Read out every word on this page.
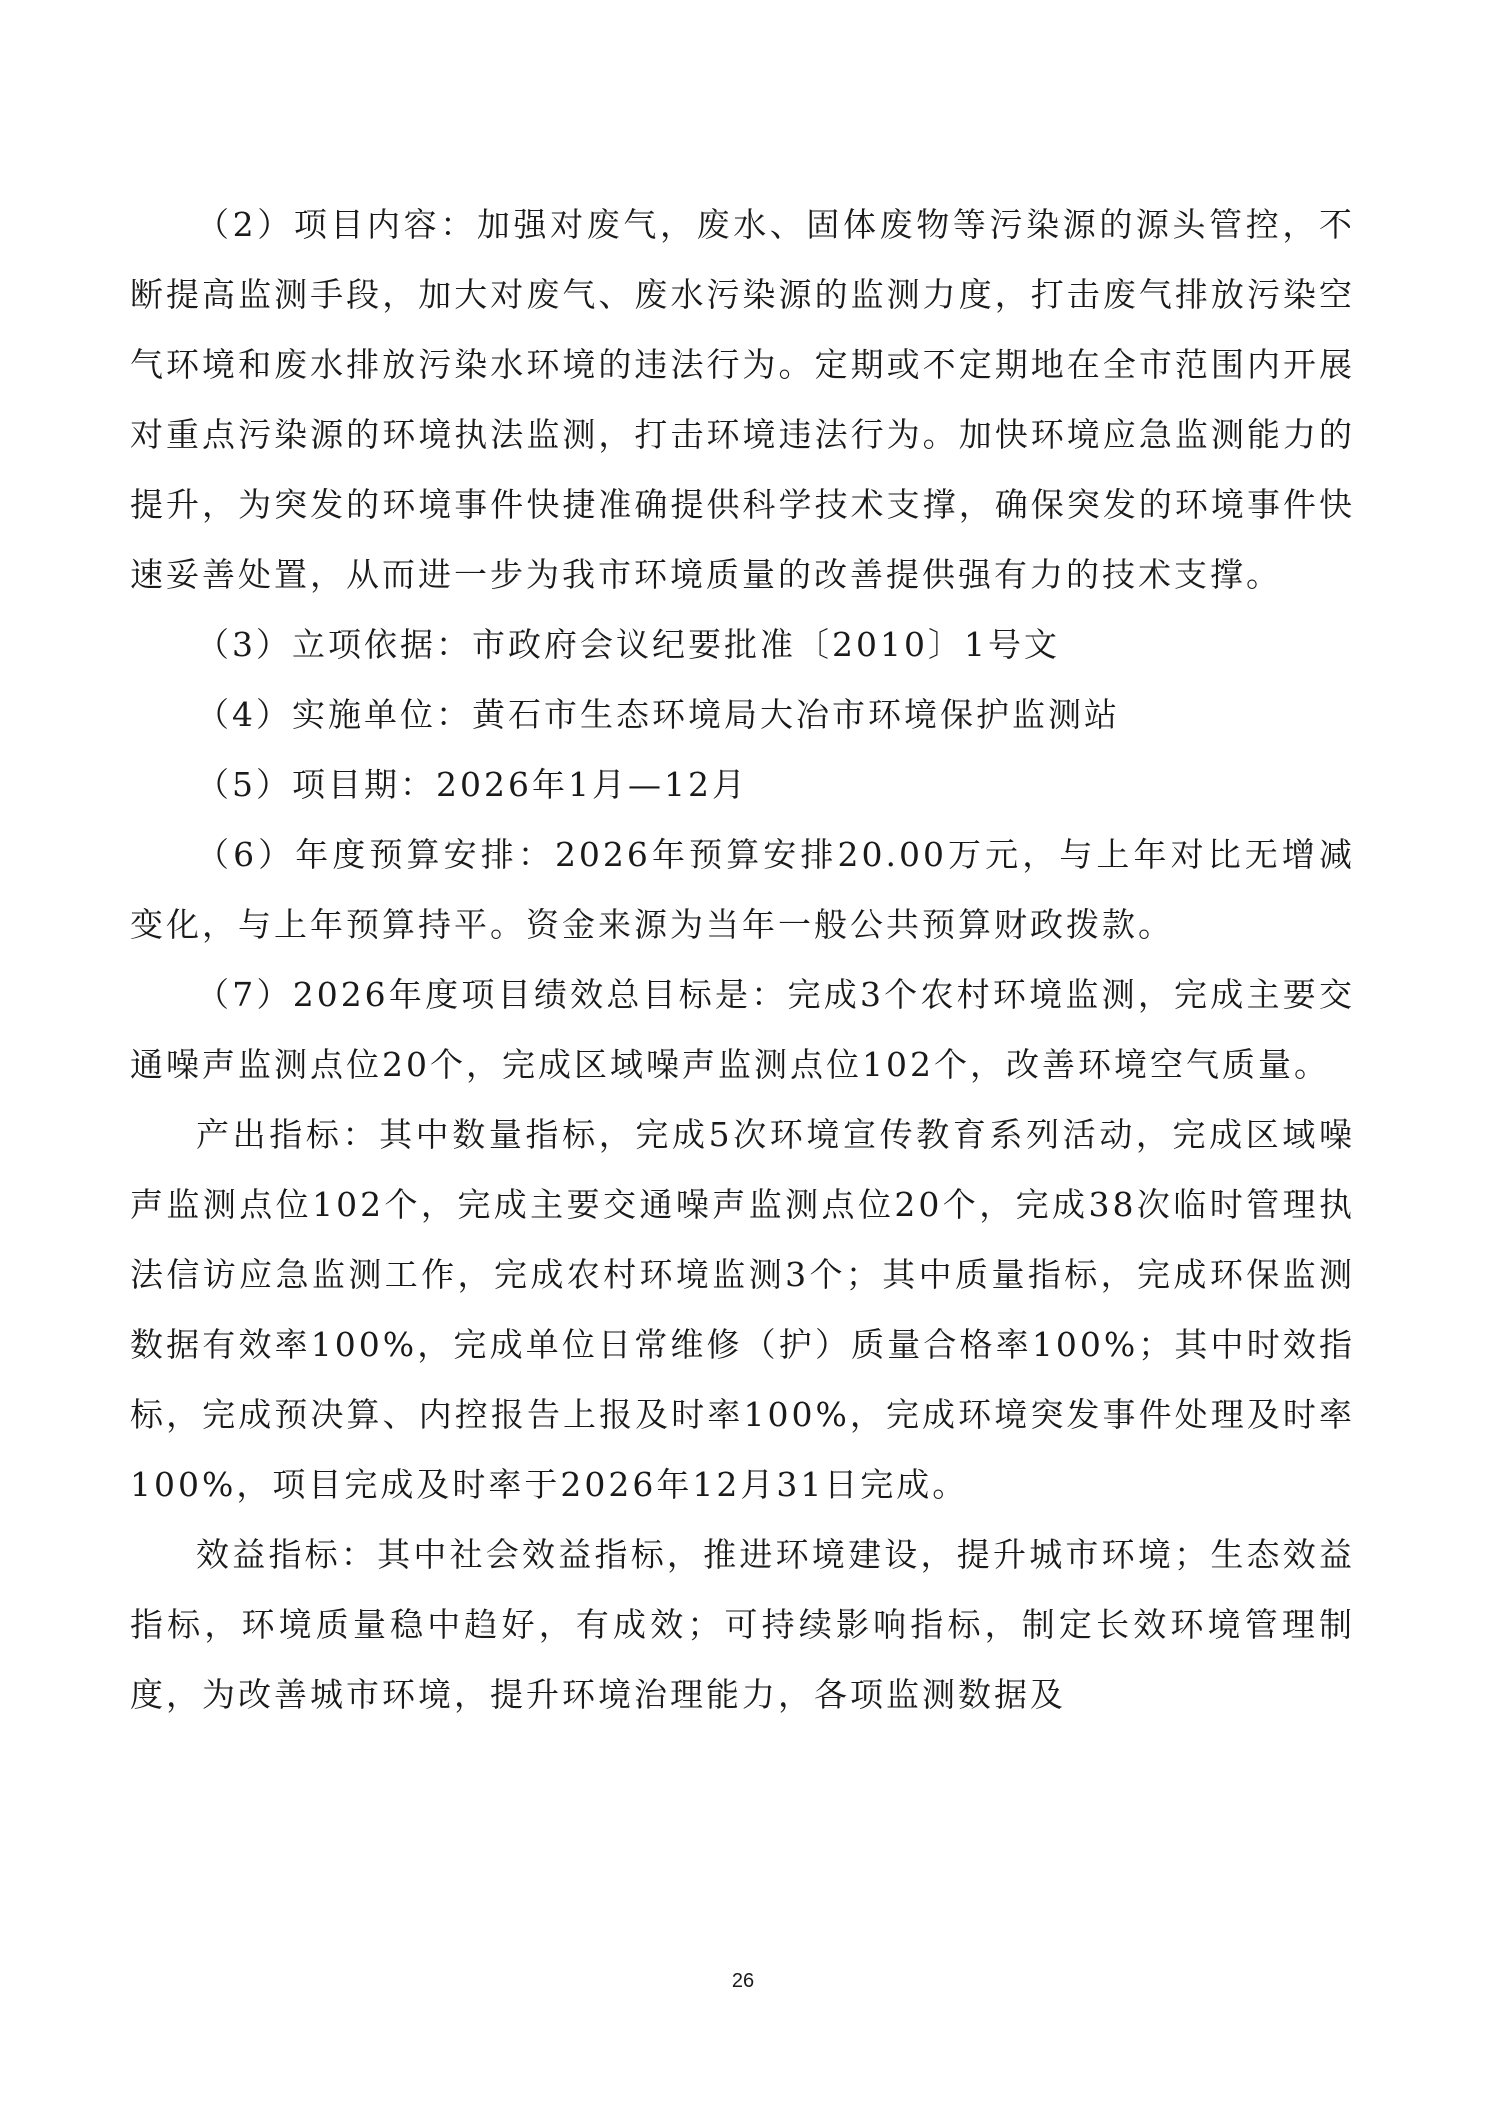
（2）项目内容：加强对废气，废水、固体废物等污染源的源头管控，不断提高监测手段，加大对废气、废水污染源的监测力度，打击废气排放污染空气环境和废水排放污染水环境的违法行为。定期或不定期地在全市范围内开展对重点污染源的环境执法监测，打击环境违法行为。加快环境应急监测能力的提升，为突发的环境事件快捷准确提供科学技术支撑，确保突发的环境事件快速妥善处置，从而进一步为我市环境质量的改善提供强有力的技术支撑。

（3）立项依据：市政府会议纪要批准〔2010〕1号文

（4）实施单位：黄石市生态环境局大冶市环境保护监测站

（5）项目期：2026年1月—12月

（6）年度预算安排：2026年预算安排20.00万元，与上年对比无增减变化，与上年预算持平。资金来源为当年一般公共预算财政拨款。

（7）2026年度项目绩效总目标是：完成3个农村环境监测，完成主要交通噪声监测点位20个，完成区域噪声监测点位102个，改善环境空气质量。

产出指标：其中数量指标，完成5次环境宣传教育系列活动，完成区域噪声监测点位102个，完成主要交通噪声监测点位20个，完成38次临时管理执法信访应急监测工作，完成农村环境监测3个；其中质量指标，完成环保监测数据有效率100%，完成单位日常维修（护）质量合格率100%；其中时效指标，完成预决算、内控报告上报及时率100%，完成环境突发事件处理及时率100%，项目完成及时率于2026年12月31日完成。

效益指标：其中社会效益指标，推进环境建设，提升城市环境；生态效益指标，环境质量稳中趋好，有成效；可持续影响指标，制定长效环境管理制度，为改善城市环境，提升环境治理能力，各项监测数据及

26
